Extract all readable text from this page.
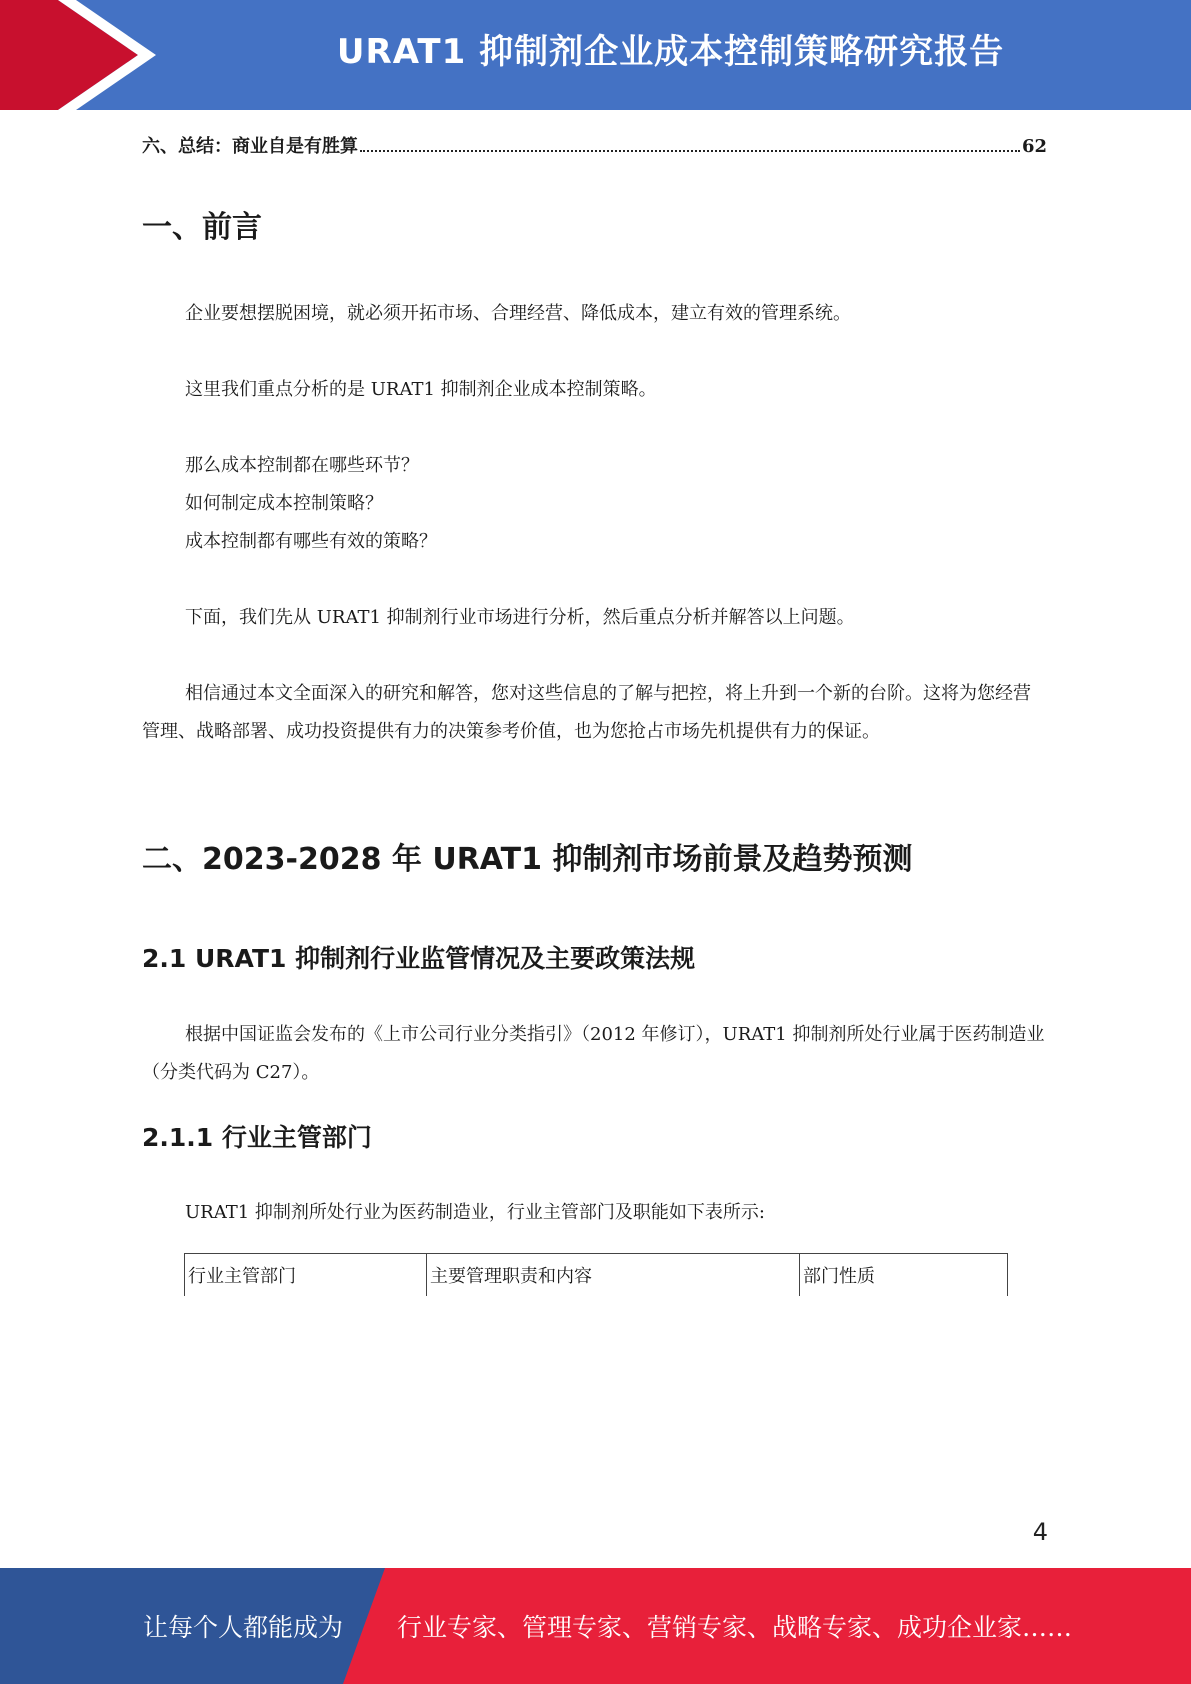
URAT1 抑制剂企业成本控制策略研究报告
六、总结：商业自是有胜算	62
一、前言

企业要想摆脱困境，就必须开拓市场、合理经营、降低成本，建立有效的管理系统。

这里我们重点分析的是 URAT1 抑制剂企业成本控制策略。

那么成本控制都在哪些环节？

如何制定成本控制策略？

成本控制都有哪些有效的策略？

下面，我们先从 URAT1 抑制剂行业市场进行分析，然后重点分析并解答以上问题。

相信通过本文全面深入的研究和解答，您对这些信息的了解与把控，将上升到一个新的台阶。这将为您经营管理、战略部署、成功投资提供有力的决策参考价值，也为您抢占市场先机提供有力的保证。

二、2023-2028 年 URAT1 抑制剂市场前景及趋势预测
2.1 URAT1 抑制剂行业监管情况及主要政策法规

根据中国证监会发布的《上市公司行业分类指引》（2012 年修订），URAT1 抑制剂所处行业属于医药制造业（分类代码为 C27）。

2.1.1 行业主管部门

URAT1 抑制剂所处行业为医药制造业，行业主管部门及职能如下表所示:

行业主管部门	主要管理职责和内容	部门性质
4
让每个人都能成为 行业专家、管理专家、营销专家、战略专家、成功企业家……
